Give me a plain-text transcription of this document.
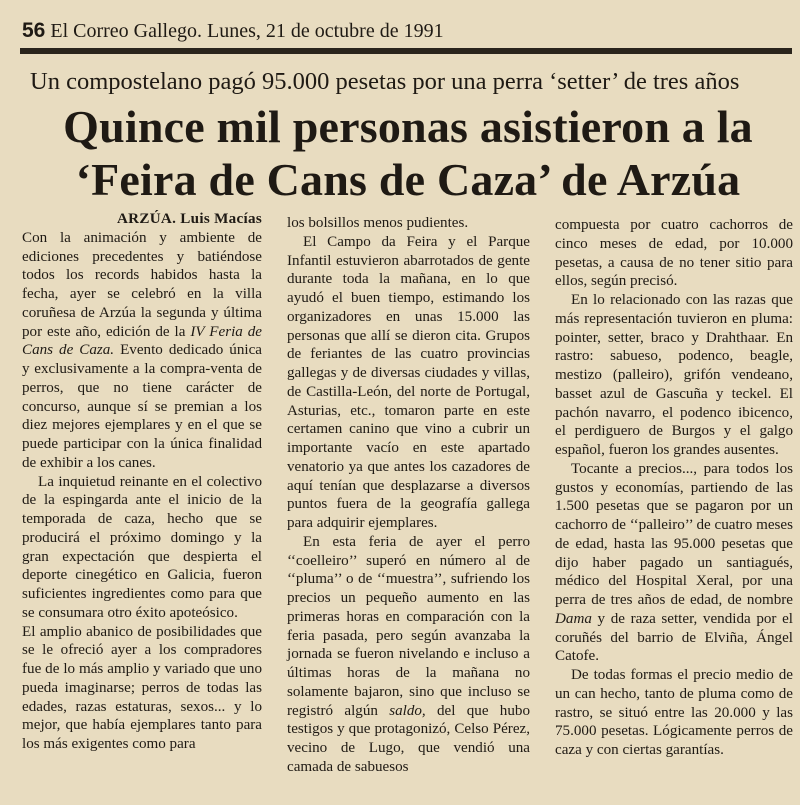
56 El Correo Gallego. Lunes, 21 de octubre de 1991
Un compostelano pagó 95.000 pesetas por una perra ‘setter’ de tres años
Quince mil personas asistieron a la
‘Feira de Cans de Caza’ de Arzúa

ARZÚA. Luis Macías

Con la animación y ambiente de ediciones precedentes y batiéndose todos los records habidos hasta la fecha, ayer se celebró en la villa coruñesa de Arzúa la segunda y última por este año, edición de la IV Feria de Cans de Caza. Evento dedicado única y exclusivamente a la compra-venta de perros, que no tiene carácter de concurso, aunque sí se premian a los diez mejores ejemplares y en el que se puede participar con la única finalidad de exhibir a los canes.

La inquietud reinante en el colectivo de la espingarda ante el inicio de la temporada de caza, hecho que se producirá el próximo domingo y la gran expectación que despierta el deporte cinegético en Galicia, fueron suficientes ingredientes como para que se consumara otro éxito apoteósico.

El amplio abanico de posibilidades que se le ofreció ayer a los compradores fue de lo más amplio y variado que uno pueda imaginarse; perros de todas las edades, razas estaturas, sexos... y lo mejor, que había ejemplares tanto para los más exigentes como para

los bolsillos menos pudientes.

El Campo da Feira y el Parque Infantil estuvieron abarrotados de gente durante toda la mañana, en lo que ayudó el buen tiempo, estimando los organizadores en unas 15.000 las personas que allí se dieron cita. Grupos de feriantes de las cuatro provincias gallegas y de diversas ciudades y villas, de Castilla-León, del norte de Portugal, Asturias, etc., tomaron parte en este certamen canino que vino a cubrir un importante vacío en este apartado venatorio ya que antes los cazadores de aquí tenían que desplazarse a diversos puntos fuera de la geografía gallega para adquirir ejemplares.

En esta feria de ayer el perro ‘‘coelleiro’’ superó en número al de ‘‘pluma’’ o de ‘‘muestra’’, sufriendo los precios un pequeño aumento en las primeras horas en comparación con la feria pasada, pero según avanzaba la jornada se fueron nivelando e incluso a últimas horas de la mañana no solamente bajaron, sino que incluso se registró algún saldo, del que hubo testigos y que protagonizó, Celso Pérez, vecino de Lugo, que vendió una camada de sabuesos

compuesta por cuatro cachorros de cinco meses de edad, por 10.000 pesetas, a causa de no tener sitio para ellos, según precisó.

En lo relacionado con las razas que más representación tuvieron en pluma: pointer, setter, braco y Drahthaar. En rastro: sabueso, podenco, beagle, mestizo (palleiro), grifón vendeano, basset azul de Gascuña y teckel. El pachón navarro, el podenco ibicenco, el perdiguero de Burgos y el galgo español, fueron los grandes ausentes.

Tocante a precios..., para todos los gustos y economías, partiendo de las 1.500 pesetas que se pagaron por un cachorro de ‘‘palleiro’’ de cuatro meses de edad, hasta las 95.000 pesetas que dijo haber pagado un santiagués, médico del Hospital Xeral, por una perra de tres años de edad, de nombre Dama y de raza setter, vendida por el coruñés del barrio de Elviña, Ángel Catofe.

De todas formas el precio medio de un can hecho, tanto de pluma como de rastro, se situó entre las 20.000 y las 75.000 pesetas. Lógicamente perros de caza y con ciertas garantías.
